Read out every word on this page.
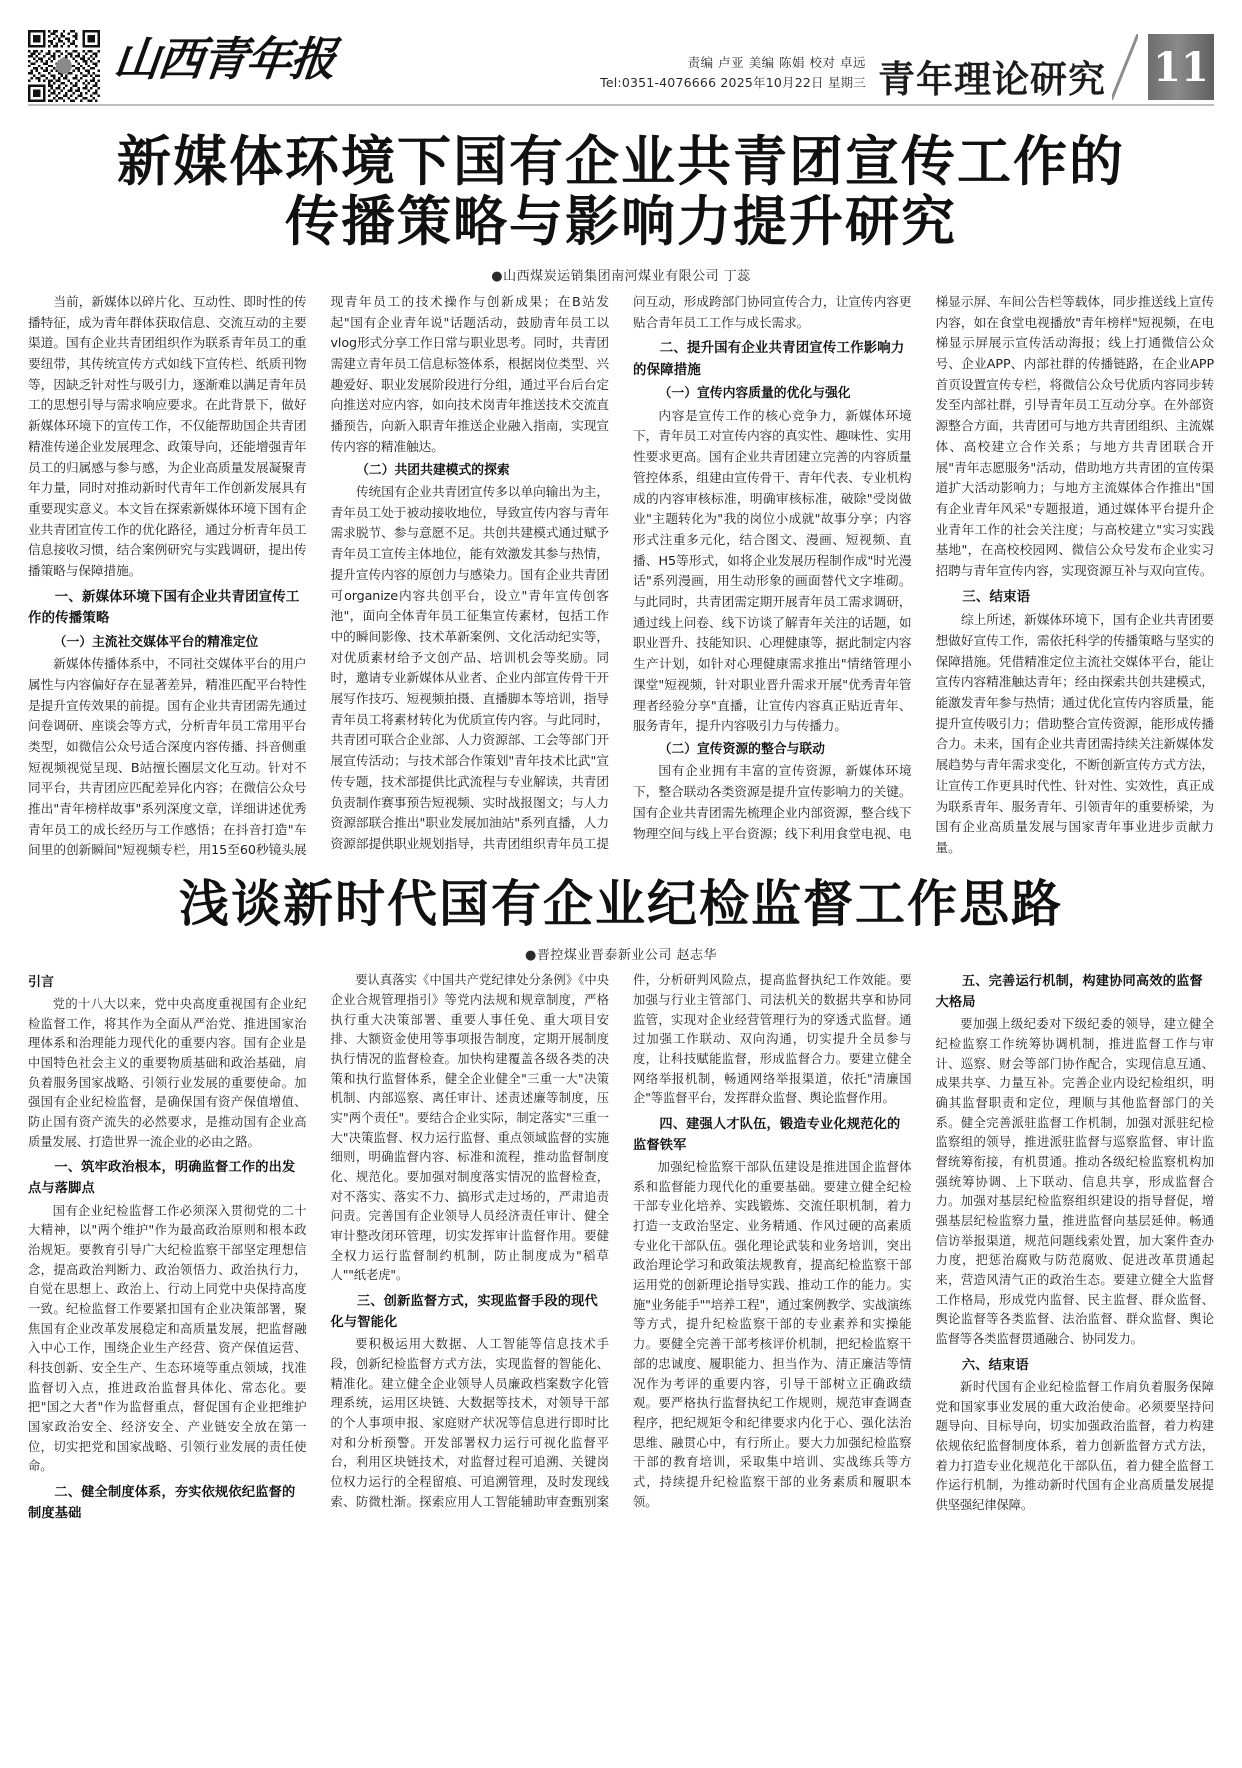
山西青年报	责编 卢亚 美编 陈娟 校对 卓远
Tel:0351-4076666 2025年10月22日 星期三 青年理论研究 11
新媒体环境下国有企业共青团宣传工作的
传播策略与影响力提升研究
●山西煤炭运销集团南河煤业有限公司 丁蕊

当前，新媒体以碎片化、互动性、即时性的传播特征，成为青年群体获取信息、交流互动的主要渠道。国有企业共青团组织作为联系青年员工的重要纽带，其传统宣传方式如线下宣传栏、纸质刊物等，因缺乏针对性与吸引力，逐渐难以满足青年员工的思想引导与需求响应要求。在此背景下，做好新媒体环境下的宣传工作，不仅能帮助国企共青团精准传递企业发展理念、政策导向，还能增强青年员工的归属感与参与感，为企业高质量发展凝聚青年力量，同时对推动新时代青年工作创新发展具有重要现实意义。本文旨在探索新媒体环境下国有企业共青团宣传工作的优化路径，通过分析青年员工信息接收习惯，结合案例研究与实践调研，提出传播策略与保障措施。

一、新媒体环境下国有企业共青团宣传工作的传播策略
（一）主流社交媒体平台的精准定位

新媒体传播体系中，不同社交媒体平台的用户属性与内容偏好存在显著差异，精准匹配平台特性是提升宣传效果的前提。国有企业共青团需先通过问卷调研、座谈会等方式，分析青年员工常用平台类型，如微信公众号适合深度内容传播、抖音侧重短视频视觉呈现、B站擅长圈层文化互动。针对不同平台，共青团应匹配差异化内容；在微信公众号推出"青年榜样故事"系列深度文章，详细讲述优秀青年员工的成长经历与工作感悟；在抖音打造"车间里的创新瞬间"短视频专栏，用15至60秒镜头展现青年员工的技术操作与创新成果；在B站发起"国有企业青年说"话题活动，鼓励青年员工以vlog形式分享工作日常与职业思考。同时，共青团需建立青年员工信息标签体系，根据岗位类型、兴趣爱好、职业发展阶段进行分组，通过平台后台定向推送对应内容，如向技术岗青年推送技术交流直播预告，向新入职青年推送企业融入指南，实现宣传内容的精准触达。

（二）共团共建模式的探索

传统国有企业共青团宣传多以单向输出为主，青年员工处于被动接收地位，导致宣传内容与青年需求脱节、参与意愿不足。共创共建模式通过赋予青年员工宣传主体地位，能有效激发其参与热情，提升宣传内容的原创力与感染力。国有企业共青团可organize内容共创平台，设立"青年宣传创客池"，面向全体青年员工征集宣传素材，包括工作中的瞬间影像、技术革新案例、文化活动纪实等，对优质素材给予文创产品、培训机会等奖励。同时，邀请专业新媒体从业者、企业内部宣传骨干开展写作技巧、短视频拍摄、直播脚本等培训，指导青年员工将素材转化为优质宣传内容。与此同时，共青团可联合企业部、人力资源部、工会等部门开展宣传活动；与技术部合作策划"青年技术比武"宣传专题，技术部提供比武流程与专业解读，共青团负责制作赛事预告短视频、实时战报图文；与人力资源部联合推出"职业发展加油站"系列直播，人力资源部提供职业规划指导，共青团组织青年员工提问互动，形成跨部门协同宣传合力，让宣传内容更贴合青年员工工作与成长需求。

二、提升国有企业共青团宣传工作影响力的保障措施
（一）宣传内容质量的优化与强化

内容是宣传工作的核心竞争力，新媒体环境下，青年员工对宣传内容的真实性、趣味性、实用性要求更高。国有企业共青团建立完善的内容质量管控体系，组建由宣传骨干、青年代表、专业机构成的内容审核标准，明确审核标准，破除"受岗做业"主题转化为"我的岗位小成就"故事分享；内容形式注重多元化，结合图文、漫画、短视频、直播、H5等形式，如将企业发展历程制作成"时光漫话"系列漫画，用生动形象的画面替代文字堆砌。与此同时，共青团需定期开展青年员工需求调研，通过线上问卷、线下访谈了解青年关注的话题，如职业晋升、技能知识、心理健康等，据此制定内容生产计划，如针对心理健康需求推出"情绪管理小课堂"短视频，针对职业晋升需求开展"优秀青年管理者经验分享"直播，让宣传内容真正贴近青年、服务青年，提升内容吸引力与传播力。

（二）宣传资源的整合与联动

国有企业拥有丰富的宣传资源，新媒体环境下，整合联动各类资源是提升宣传影响力的关键。国有企业共青团需先梳理企业内部资源，整合线下物理空间与线上平台资源；线下利用食堂电视、电梯显示屏、车间公告栏等载体，同步推送线上宣传内容，如在食堂电视播放"青年榜样"短视频，在电梯显示屏展示宣传活动海报；线上打通微信公众号、企业APP、内部社群的传播链路，在企业APP首页设置宣传专栏，将微信公众号优质内容同步转发至内部社群，引导青年员工互动分享。在外部资源整合方面，共青团可与地方共青团组织、主流媒体、高校建立合作关系；与地方共青团联合开展"青年志愿服务"活动，借助地方共青团的宣传渠道扩大活动影响力；与地方主流媒体合作推出"国有企业青年风采"专题报道，通过媒体平台提升企业青年工作的社会关注度；与高校建立"实习实践基地"，在高校校园网、微信公众号发布企业实习招聘与青年宣传内容，实现资源互补与双向宣传。

三、结束语

综上所述，新媒体环境下，国有企业共青团要想做好宣传工作，需依托科学的传播策略与坚实的保障措施。凭借精准定位主流社交媒体平台，能让宣传内容精准触达青年；经由探索共创共建模式，能激发青年参与热情；通过优化宣传内容质量，能提升宣传吸引力；借助整合宣传资源，能形成传播合力。未来，国有企业共青团需持续关注新媒体发展趋势与青年需求变化，不断创新宣传方式方法，让宣传工作更具时代性、针对性、实效性，真正成为联系青年、服务青年、引领青年的重要桥梁，为国有企业高质量发展与国家青年事业进步贡献力量。

浅谈新时代国有企业纪检监督工作思路
●晋控煤业晋泰新业公司 赵志华
引言

党的十八大以来，党中央高度重视国有企业纪检监督工作，将其作为全面从严治党、推进国家治理体系和治理能力现代化的重要内容。国有企业是中国特色社会主义的重要物质基础和政治基础，肩负着服务国家战略、引领行业发展的重要使命。加强国有企业纪检监督，是确保国有资产保值增值、防止国有资产流失的必然要求，是推动国有企业高质量发展、打造世界一流企业的必由之路。

一、筑牢政治根本，明确监督工作的出发点与落脚点

国有企业纪检监督工作必须深入贯彻党的二十大精神，以"两个维护"作为最高政治原则和根本政治规矩。要教育引导广大纪检监察干部坚定理想信念，提高政治判断力、政治领悟力、政治执行力，自觉在思想上、政治上、行动上同党中央保持高度一致。纪检监督工作要紧扣国有企业决策部署，聚焦国有企业改革发展稳定和高质量发展，把监督融入中心工作，围绕企业生产经营、资产保值运营、科技创新、安全生产、生态环境等重点领域，找准监督切入点，推进政治监督具体化、常态化。要把"国之大者"作为监督重点，督促国有企业把维护国家政治安全、经济安全、产业链安全放在第一位，切实把党和国家战略、引领行业发展的责任使命。

二、健全制度体系，夯实依规依纪监督的制度基础

要认真落实《中国共产党纪律处分条例》《中央企业合规管理指引》等党内法规和规章制度，严格执行重大决策部署、重要人事任免、重大项目安排、大额资金使用等事项报告制度，定期开展制度执行情况的监督检查。加快构建覆盖各级各类的决策和执行监督体系，健全企业健全"三重一大"决策机制、内部巡察、离任审计、述责述廉等制度，压实"两个责任"。要结合企业实际，制定落实"三重一大"决策监督、权力运行监督、重点领域监督的实施细则，明确监督内容、标准和流程，推动监督制度化、规范化。要加强对制度落实情况的监督检查，对不落实、落实不力、搞形式走过场的，严肃追责问责。完善国有企业领导人员经济责任审计、健全审计整改闭环管理，切实发挥审计监督作用。要健全权力运行监督制约机制，防止制度成为"稻草人""纸老虎"。

三、创新监督方式，实现监督手段的现代化与智能化

要积极运用大数据、人工智能等信息技术手段，创新纪检监督方式方法，实现监督的智能化、精准化。建立健全企业领导人员廉政档案数字化管理系统，运用区块链、大数据等技术，对领导干部的个人事项申报、家庭财产状况等信息进行即时比对和分析预警。开发部署权力运行可视化监督平台，利用区块链技术，对监督过程可追溯、关键岗位权力运行的全程留痕、可追溯管理，及时发现线索、防微杜渐。探索应用人工智能辅助审查甄别案件，分析研判风险点，提高监督执纪工作效能。要加强与行业主管部门、司法机关的数据共享和协同监管，实现对企业经营管理行为的穿透式监督。通过加强工作联动、双向沟通，切实提升全员参与度，让科技赋能监督，形成监督合力。要建立健全网络举报机制，畅通网络举报渠道，依托"清廉国企"等监督平台，发挥群众监督、舆论监督作用。

四、建强人才队伍，锻造专业化规范化的监督铁军

加强纪检监察干部队伍建设是推进国企监督体系和监督能力现代化的重要基础。要建立健全纪检干部专业化培养、实践锻炼、交流任职机制，着力打造一支政治坚定、业务精通、作风过硬的高素质专业化干部队伍。强化理论武装和业务培训，突出政治理论学习和政策法规教育，提高纪检监察干部运用党的创新理论指导实践、推动工作的能力。实施"业务能手""培养工程"，通过案例教学、实战演练等方式，提升纪检监察干部的专业素养和实操能力。要健全完善干部考核评价机制，把纪检监察干部的忠诚度、履职能力、担当作为、清正廉洁等情况作为考评的重要内容，引导干部树立正确政绩观。要严格执行监督执纪工作规则，规范审查调查程序，把纪规矩令和纪律要求内化于心、强化法治思维、融贯心中，有行所止。要大力加强纪检监察干部的教育培训，采取集中培训、实战练兵等方式，持续提升纪检监察干部的业务素质和履职本领。

五、完善运行机制，构建协同高效的监督大格局

要加强上级纪委对下级纪委的领导，建立健全纪检监察工作统筹协调机制，推进监督工作与审计、巡察、财会等部门协作配合，实现信息互通、成果共享、力量互补。完善企业内设纪检组织，明确其监督职责和定位，理顺与其他监督部门的关系。健全完善派驻监督工作机制，加强对派驻纪检监察组的领导，推进派驻监督与巡察监督、审计监督统筹衔接，有机贯通。推动各级纪检监察机构加强统筹协调、上下联动、信息共享，形成监督合力。加强对基层纪检监察组织建设的指导督促，增强基层纪检监察力量，推进监督向基层延伸。畅通信访举报渠道，规范问题线索处置，加大案件查办力度，把惩治腐败与防范腐败、促进改革贯通起来，营造风清气正的政治生态。要建立健全大监督工作格局，形成党内监督、民主监督、群众监督、舆论监督等各类监督、法治监督、群众监督、舆论监督等各类监督贯通融合、协同发力。

六、结束语

新时代国有企业纪检监督工作肩负着服务保障党和国家事业发展的重大政治使命。必须要坚持问题导向、目标导向，切实加强政治监督，着力构建依规依纪监督制度体系，着力创新监督方式方法，着力打造专业化规范化干部队伍，着力健全监督工作运行机制，为推动新时代国有企业高质量发展提供坚强纪律保障。
